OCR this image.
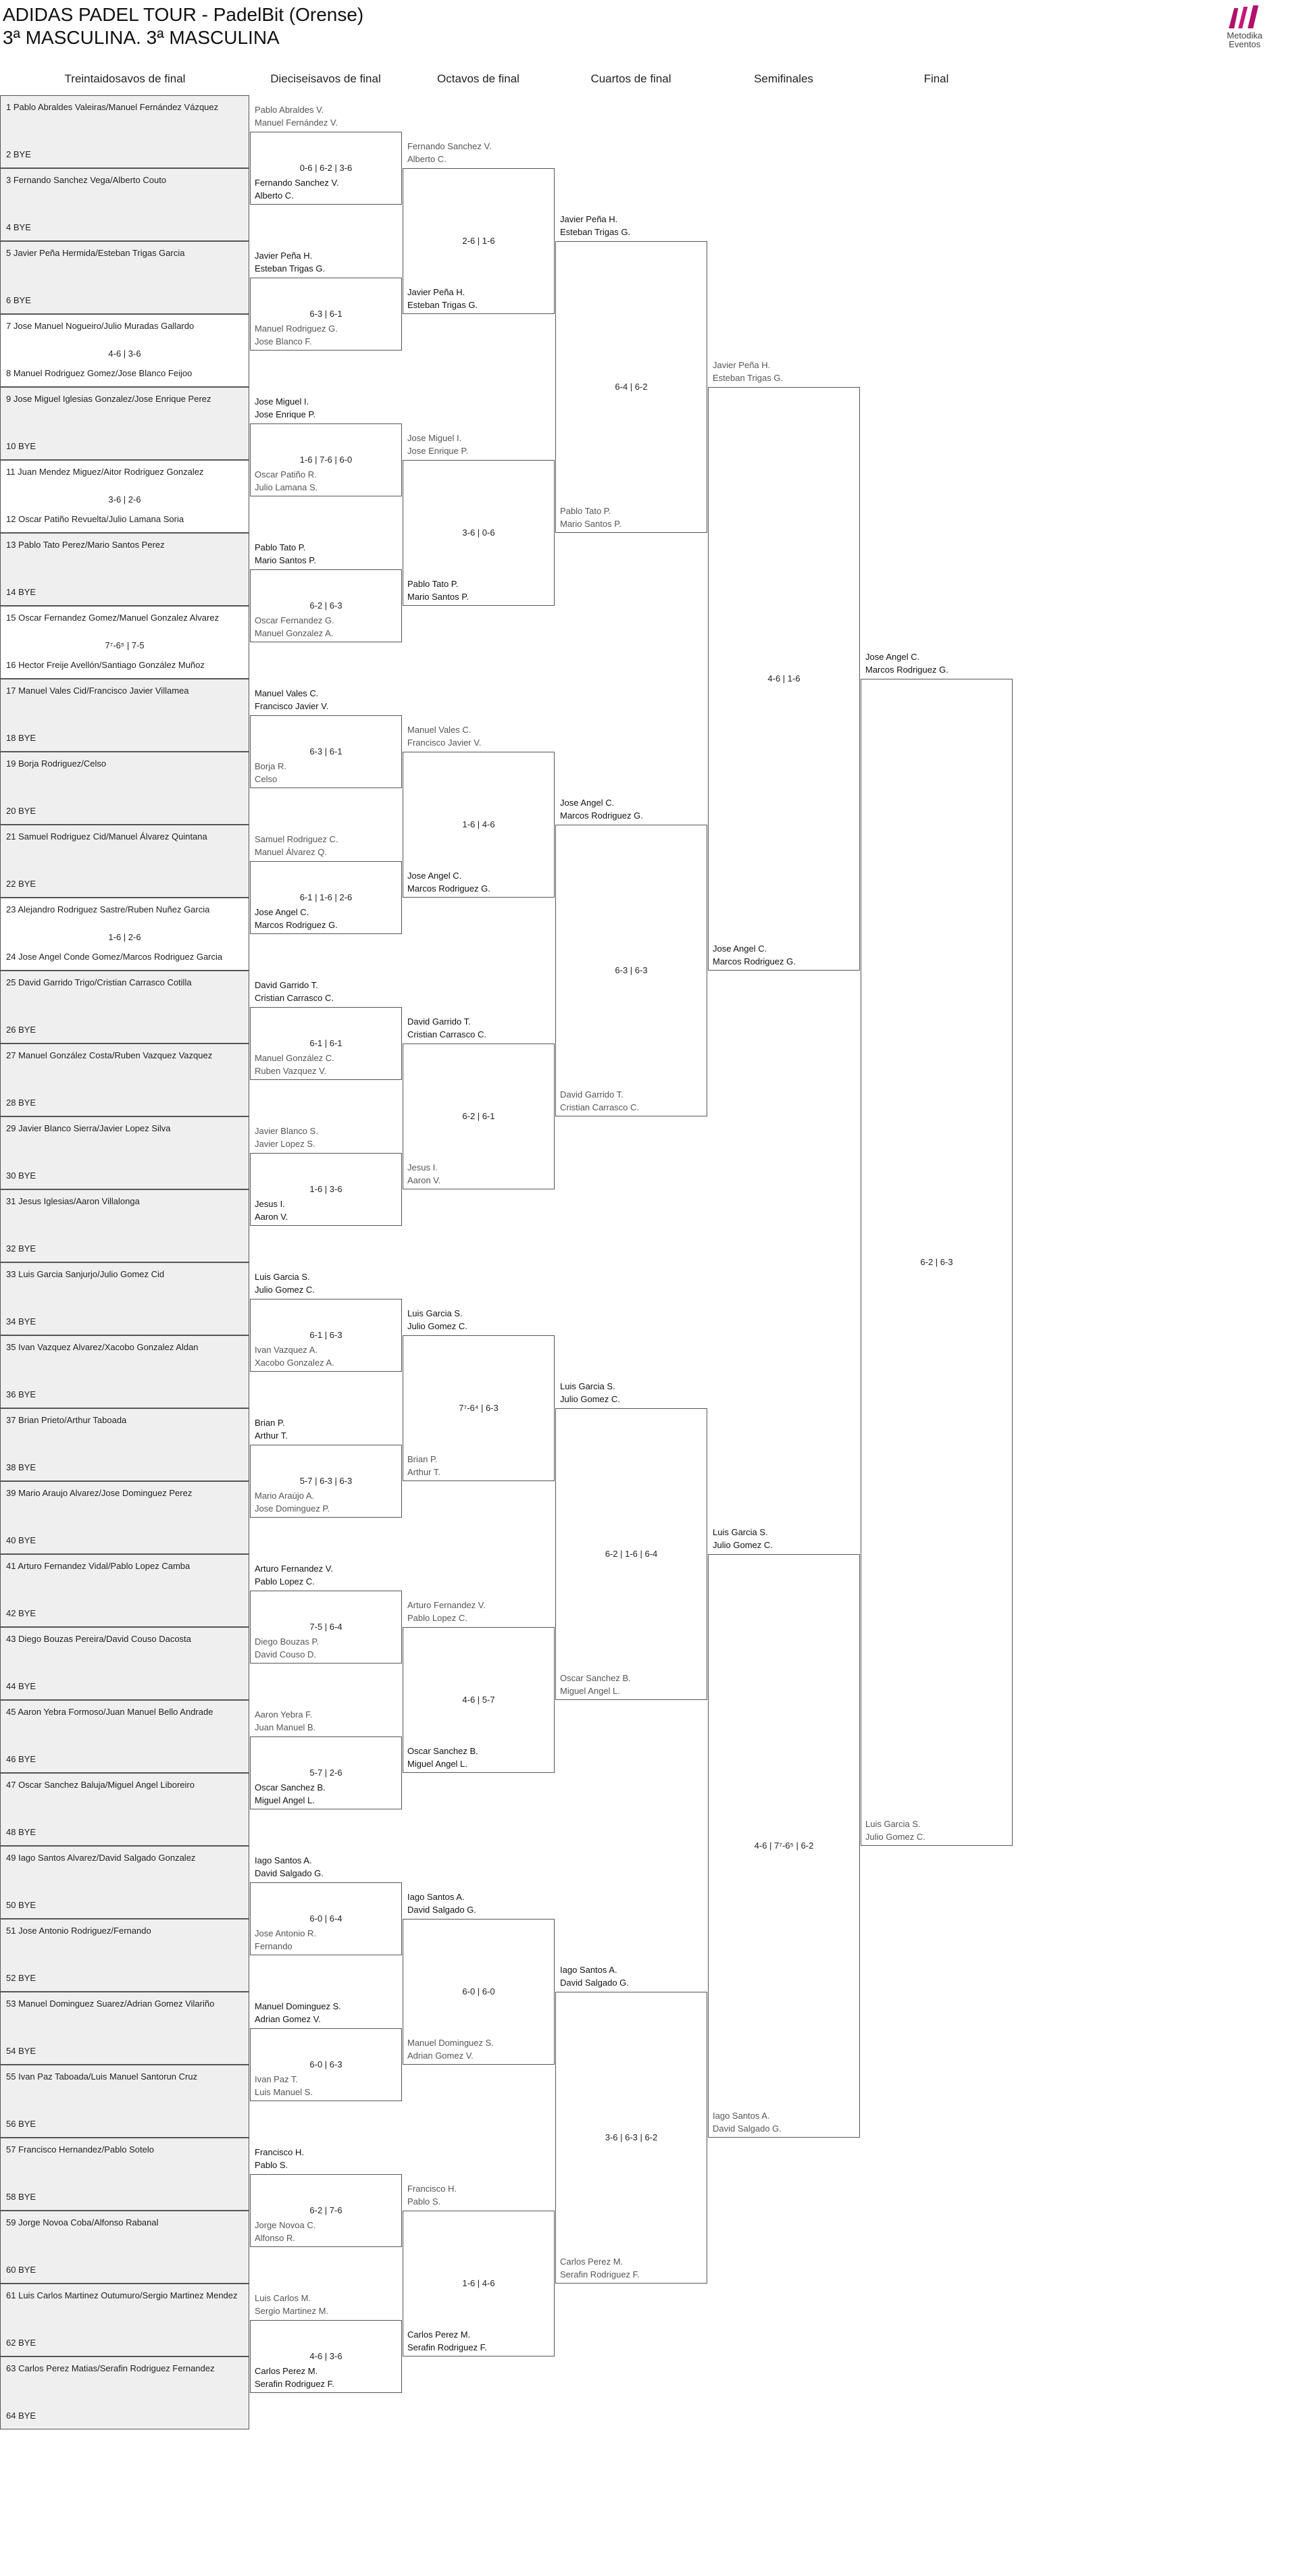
ADIDAS PADEL TOUR - PadelBit (Orense)
3ª MASCULINA. 3ª MASCULINA	Metodika
Eventos
Treintaidosavos de final	Dieciseisavos de final	Octavos de final	Cuartos de final	Semifinales	Final
1 Pablo Abraldes Valeiras/Manuel Fernández Vázquez
2 BYE
3 Fernando Sanchez Vega/Alberto Couto
4 BYE
5 Javier Peña Hermida/Esteban Trigas Garcia
6 BYE
7 Jose Manuel Nogueiro/Julio Muradas Gallardo
8 Manuel Rodriguez Gomez/Jose Blanco Feijoo
4-6 | 3-6
9 Jose Miguel Iglesias Gonzalez/Jose Enrique Perez
10 BYE
11 Juan Mendez Miguez/Aitor Rodriguez Gonzalez
12 Oscar Patiño Revuelta/Julio Lamana Soria
3-6 | 2-6
13 Pablo Tato Perez/Mario Santos Perez
14 BYE
15 Oscar Fernandez Gomez/Manuel Gonzalez Alvarez
16 Hector Freije Avellón/Santiago González Muñoz
7⁷-6⁵ | 7-5
17 Manuel Vales Cid/Francisco Javier Villamea
18 BYE
19 Borja Rodriguez/Celso
20 BYE
21 Samuel Rodriguez Cid/Manuel Álvarez Quintana
22 BYE
23 Alejandro Rodriguez Sastre/Ruben Nuñez Garcia
24 Jose Angel Conde Gomez/Marcos Rodriguez Garcia
1-6 | 2-6
25 David Garrido Trigo/Cristian Carrasco Cotilla
26 BYE
27 Manuel González Costa/Ruben Vazquez Vazquez
28 BYE
29 Javier Blanco Sierra/Javier Lopez Silva
30 BYE
31 Jesus Iglesias/Aaron Villalonga
32 BYE
33 Luis Garcia Sanjurjo/Julio Gomez Cid
34 BYE
35 Ivan Vazquez Alvarez/Xacobo Gonzalez Aldan
36 BYE
37 Brian Prieto/Arthur Taboada
38 BYE
39 Mario Araujo Alvarez/Jose Dominguez Perez
40 BYE
41 Arturo Fernandez Vidal/Pablo Lopez Camba
42 BYE
43 Diego Bouzas Pereira/David Couso Dacosta
44 BYE
45 Aaron Yebra Formoso/Juan Manuel Bello Andrade
46 BYE
47 Oscar Sanchez Baluja/Miguel Angel Liboreiro
48 BYE
49 Iago Santos Alvarez/David Salgado Gonzalez
50 BYE
51 Jose Antonio Rodriguez/Fernando
52 BYE
53 Manuel Dominguez Suarez/Adrian Gomez Vilariño
54 BYE
55 Ivan Paz Taboada/Luis Manuel Santorun Cruz
56 BYE
57 Francisco Hernandez/Pablo Sotelo
58 BYE
59 Jorge Novoa Coba/Alfonso Rabanal
60 BYE
61 Luis Carlos Martinez Outumuro/Sergio Martinez Mendez
62 BYE
63 Carlos Perez Matias/Serafin Rodriguez Fernandez
64 BYE
Pablo Abraldes V.
Manuel Fernández V.
Fernando Sanchez V.
Alberto C.
0-6 | 6-2 | 3-6
Javier Peña H.
Esteban Trigas G.
Manuel Rodriguez G.
Jose Blanco F.
6-3 | 6-1
Jose Miguel I.
Jose Enrique P.
Oscar Patiño R.
Julio Lamana S.
1-6 | 7-6 | 6-0
Pablo Tato P.
Mario Santos P.
Oscar Fernandez G.
Manuel Gonzalez A.
6-2 | 6-3
Manuel Vales C.
Francisco Javier V.
Borja R.
Celso
6-3 | 6-1
Samuel Rodriguez C.
Manuel Álvarez Q.
Jose Angel C.
Marcos Rodriguez G.
6-1 | 1-6 | 2-6
David Garrido T.
Cristian Carrasco C.
Manuel González C.
Ruben Vazquez V.
6-1 | 6-1
Javier Blanco S.
Javier Lopez S.
Jesus I.
Aaron V.
1-6 | 3-6
Luis Garcia S.
Julio Gomez C.
Ivan Vazquez A.
Xacobo Gonzalez A.
6-1 | 6-3
Brian P.
Arthur T.
Mario Araújo A.
Jose Dominguez P.
5-7 | 6-3 | 6-3
Arturo Fernandez V.
Pablo Lopez C.
Diego Bouzas P.
David Couso D.
7-5 | 6-4
Aaron Yebra F.
Juan Manuel B.
Oscar Sanchez B.
Miguel Angel L.
5-7 | 2-6
Iago Santos A.
David Salgado G.
Jose Antonio R.
Fernando
6-0 | 6-4
Manuel Dominguez S.
Adrian Gomez V.
Ivan Paz T.
Luis Manuel S.
6-0 | 6-3
Francisco H.
Pablo S.
Jorge Novoa C.
Alfonso R.
6-2 | 7-6
Luis Carlos M.
Sergio Martinez M.
Carlos Perez M.
Serafin Rodriguez F.
4-6 | 3-6
Fernando Sanchez V.
Alberto C.
Javier Peña H.
Esteban Trigas G.
2-6 | 1-6
Jose Miguel I.
Jose Enrique P.
Pablo Tato P.
Mario Santos P.
3-6 | 0-6
Manuel Vales C.
Francisco Javier V.
Jose Angel C.
Marcos Rodriguez G.
1-6 | 4-6
David Garrido T.
Cristian Carrasco C.
Jesus I.
Aaron V.
6-2 | 6-1
Luis Garcia S.
Julio Gomez C.
Brian P.
Arthur T.
7⁷-6⁴ | 6-3
Arturo Fernandez V.
Pablo Lopez C.
Oscar Sanchez B.
Miguel Angel L.
4-6 | 5-7
Iago Santos A.
David Salgado G.
Manuel Dominguez S.
Adrian Gomez V.
6-0 | 6-0
Francisco H.
Pablo S.
Carlos Perez M.
Serafin Rodriguez F.
1-6 | 4-6
Javier Peña H.
Esteban Trigas G.
Pablo Tato P.
Mario Santos P.
6-4 | 6-2
Jose Angel C.
Marcos Rodriguez G.
David Garrido T.
Cristian Carrasco C.
6-3 | 6-3
Luis Garcia S.
Julio Gomez C.
Oscar Sanchez B.
Miguel Angel L.
6-2 | 1-6 | 6-4
Iago Santos A.
David Salgado G.
Carlos Perez M.
Serafin Rodriguez F.
3-6 | 6-3 | 6-2
Javier Peña H.
Esteban Trigas G.
Jose Angel C.
Marcos Rodriguez G.
4-6 | 1-6
Luis Garcia S.
Julio Gomez C.
Iago Santos A.
David Salgado G.
4-6 | 7⁷-6⁵ | 6-2
Jose Angel C.
Marcos Rodriguez G.
Luis Garcia S.
Julio Gomez C.
6-2 | 6-3
